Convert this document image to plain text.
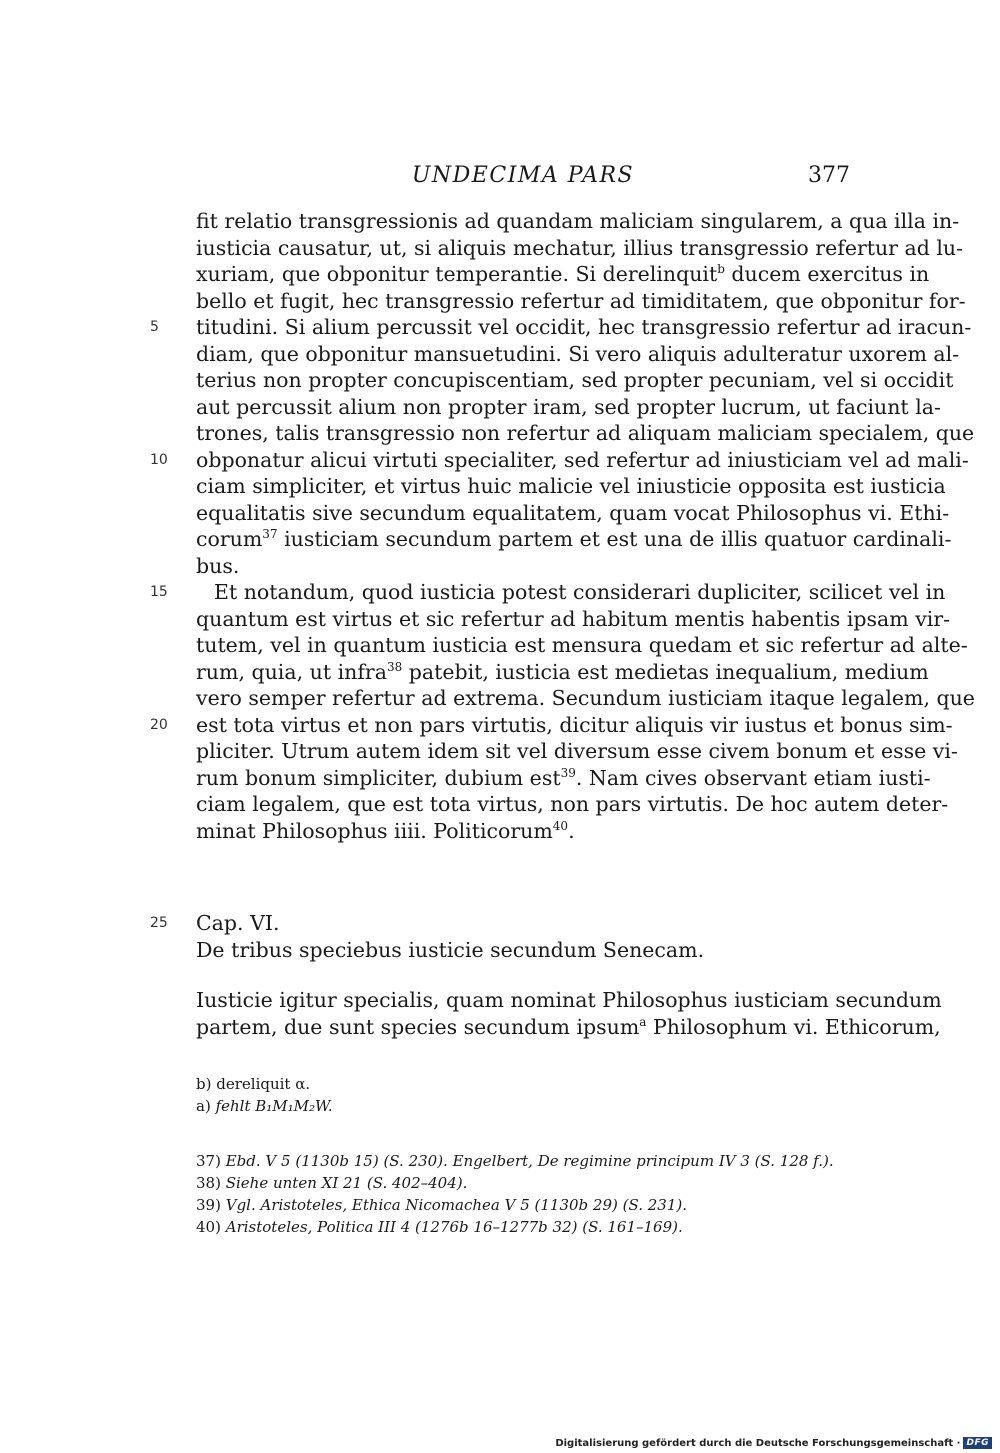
UNDECIMA PARS	377
fit relatio transgressionis ad quandam maliciam singularem, a qua illa in-
iusticia causatur, ut, si aliquis mechatur, illius transgressio refertur ad lu-
xuriam, que obponitur temperantie. Si derelinquit$^b$ ducem exercitus in
bello et fugit, hec transgressio refertur ad timiditatem, que obponitur for-
5	titudini. Si alium percussit vel occidit, hec transgressio refertur ad iracun-
diam, que obponitur mansuetudini. Si vero aliquis adulteratur uxorem al-
terius non propter concupiscentiam, sed propter pecuniam, vel si occidit
aut percussit alium non propter iram, sed propter lucrum, ut faciunt la-
trones, talis transgressio non refertur ad aliquam maliciam specialem, que
10	obponatur alicui virtuti specialiter, sed refertur ad iniusticiam vel ad mali-
ciam simpliciter, et virtus huic malicie vel iniusticie opposita est iusticia
equalitatis sive secundum equalitatem, quam vocat Philosophus vi. Ethi-
corum$^{37}$ iusticiam secundum partem et est una de illis quatuor cardinali-
bus.
15	Et notandum, quod iusticia potest considerari dupliciter, scilicet vel in
quantum est virtus et sic refertur ad habitum mentis habentis ipsam vir-
tutem, vel in quantum iusticia est mensura quedam et sic refertur ad alte-
rum, quia, ut infra$^{38}$ patebit, iusticia est medietas inequalium, medium
vero semper refertur ad extrema. Secundum iusticiam itaque legalem, que
20	est tota virtus et non pars virtutis, dicitur aliquis vir iustus et bonus sim-
pliciter. Utrum autem idem sit vel diversum esse civem bonum et esse vi-
rum bonum simpliciter, dubium est$^{39}$. Nam cives observant etiam iusti-
ciam legalem, que est tota virtus, non pars virtutis. De hoc autem deter-
minat Philosophus iiii. Politicorum$^{40}$.
25	Cap. VI.
De tribus speciebus iusticie secundum Senecam.
Iusticie igitur specialis, quam nominat Philosophus iusticiam secundum
partem, due sunt species secundum ipsum$^a$ Philosophum vi. Ethicorum,
b) dereliquit α.
a) fehlt B₁M₁M₂W.
37) Ebd. V 5 (1130b 15) (S. 230). Engelbert, De regimine principum IV 3 (S. 128 f.).
38) Siehe unten XI 21 (S. 402–404).
39) Vgl. Aristoteles, Ethica Nicomachea V 5 (1130b 29) (S. 231).
40) Aristoteles, Politica III 4 (1276b 16–1277b 32) (S. 161–169).
Digitalisierung gefördert durch die Deutsche Forschungsgemeinschaft · DFG
